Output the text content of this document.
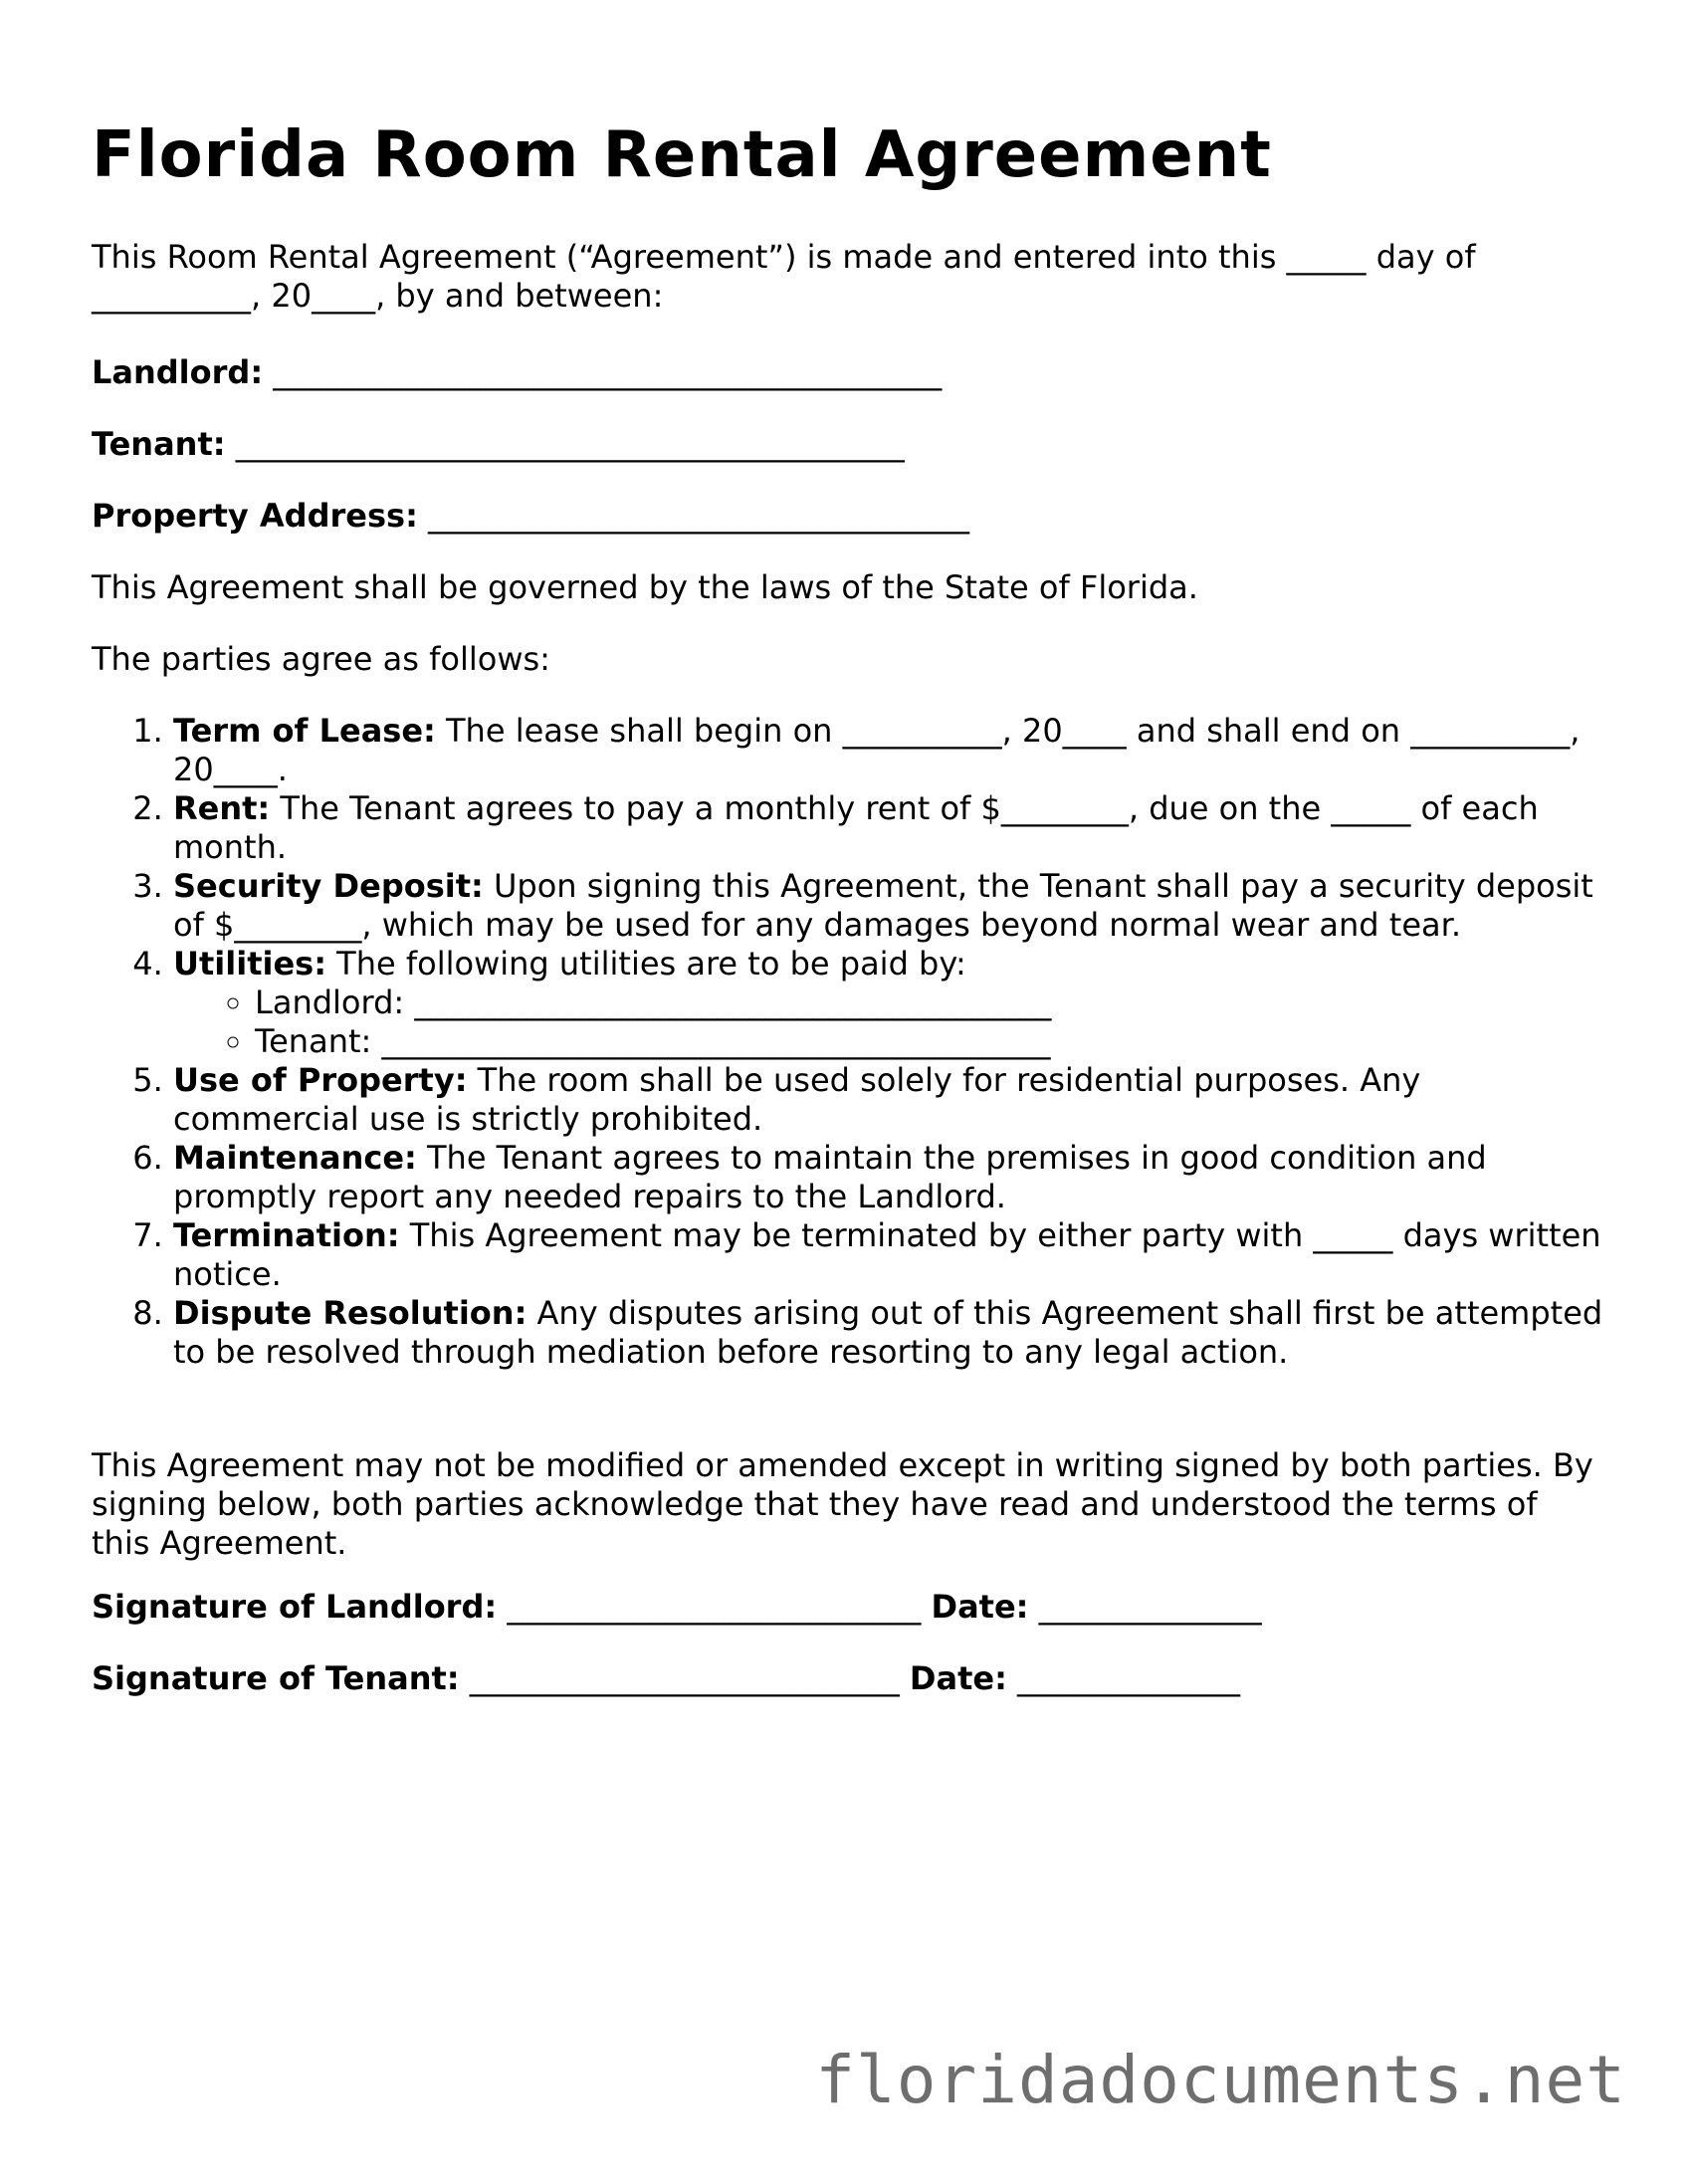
Florida Room Rental Agreement

This Room Rental Agreement (“Agreement”) is made and entered into this _____ day of __________, 20____, by and between:

Landlord: __________________________________________

Tenant: __________________________________________

Property Address: __________________________________

This Agreement shall be governed by the laws of the State of Florida.

The parties agree as follows:

1. Term of Lease: The lease shall begin on __________, 20____ and shall end on __________, 20____.
2. Rent: The Tenant agrees to pay a monthly rent of $________, due on the _____ of each month.
3. Security Deposit: Upon signing this Agreement, the Tenant shall pay a security deposit of $________, which may be used for any damages beyond normal wear and tear.
4. Utilities: The following utilities are to be paid by:
◦ Landlord: ________________________________________
◦ Tenant: __________________________________________
5. Use of Property: The room shall be used solely for residential purposes. Any commercial use is strictly prohibited.
6. Maintenance: The Tenant agrees to maintain the premises in good condition and promptly report any needed repairs to the Landlord.
7. Termination: This Agreement may be terminated by either party with _____ days written notice.
8. Dispute Resolution: Any disputes arising out of this Agreement shall first be attempted to be resolved through mediation before resorting to any legal action.

This Agreement may not be modified or amended except in writing signed by both parties. By signing below, both parties acknowledge that they have read and understood the terms of this Agreement.

Signature of Landlord: __________________________ Date: ______________

Signature of Tenant: ___________________________ Date: ______________

floridadocuments.net
